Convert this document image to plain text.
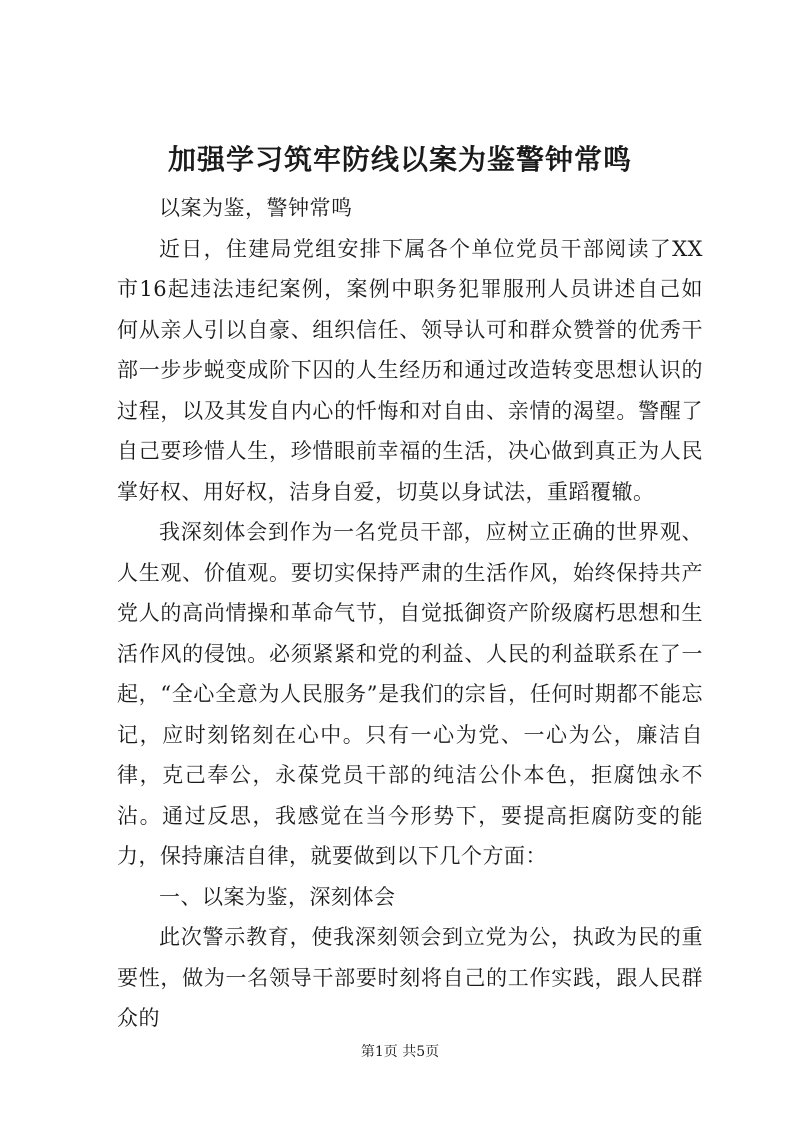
加强学习筑牢防线以案为鉴警钟常鸣

以案为鉴，警钟常鸣

近日，住建局党组安排下属各个单位党员干部阅读了XX市16起违法违纪案例，案例中职务犯罪服刑人员讲述自己如何从亲人引以自豪、组织信任、领导认可和群众赞誉的优秀干部一步步蜕变成阶下囚的人生经历和通过改造转变思想认识的过程，以及其发自内心的忏悔和对自由、亲情的渴望。警醒了自己要珍惜人生，珍惜眼前幸福的生活，决心做到真正为人民掌好权、用好权，洁身自爱，切莫以身试法，重蹈覆辙。

我深刻体会到作为一名党员干部，应树立正确的世界观、人生观、价值观。要切实保持严肃的生活作风，始终保持共产党人的高尚情操和革命气节，自觉抵御资产阶级腐朽思想和生活作风的侵蚀。必须紧紧和党的利益、人民的利益联系在了一起，“全心全意为人民服务”是我们的宗旨，任何时期都不能忘记，应时刻铭刻在心中。只有一心为党、一心为公，廉洁自律，克己奉公，永葆党员干部的纯洁公仆本色，拒腐蚀永不沾。通过反思，我感觉在当今形势下，要提高拒腐防变的能力，保持廉洁自律，就要做到以下几个方面：

一、以案为鉴，深刻体会

此次警示教育，使我深刻领会到立党为公，执政为民的重要性，做为一名领导干部要时刻将自己的工作实践，跟人民群众的

第1页 共5页
